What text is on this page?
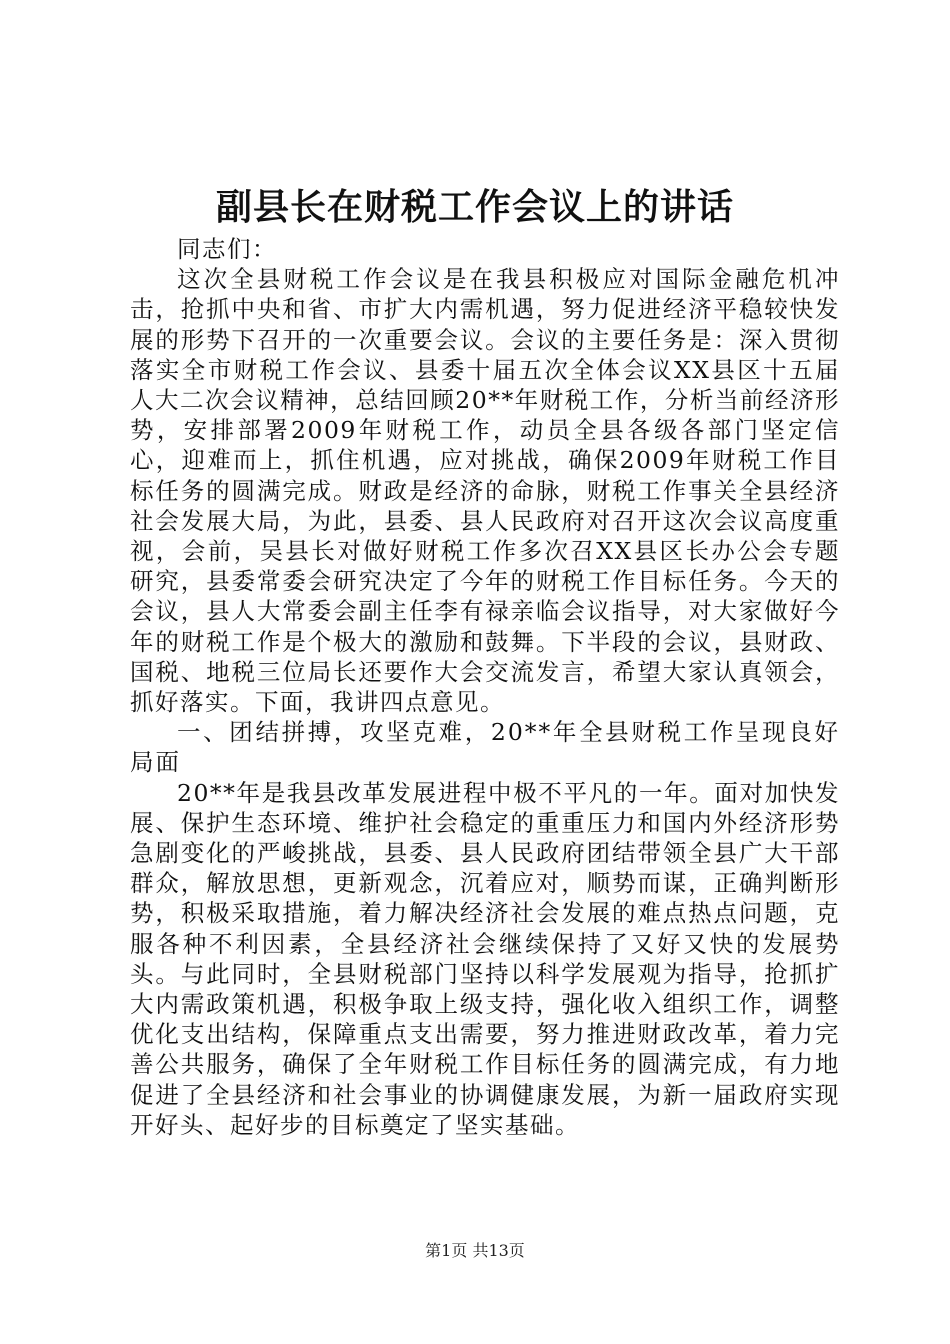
副县长在财税工作会议上的讲话

同志们：

这次全县财税工作会议是在我县积极应对国际金融危机冲击，抢抓中央和省、市扩大内需机遇，努力促进经济平稳较快发展的形势下召开的一次重要会议。会议的主要任务是：深入贯彻落实全市财税工作会议、县委十届五次全体会议XX县区十五届人大二次会议精神，总结回顾20**年财税工作，分析当前经济形势，安排部署2009年财税工作，动员全县各级各部门坚定信心，迎难而上，抓住机遇，应对挑战，确保2009年财税工作目标任务的圆满完成。财政是经济的命脉，财税工作事关全县经济社会发展大局，为此，县委、县人民政府对召开这次会议高度重视，会前，吴县长对做好财税工作多次召XX县区长办公会专题研究，县委常委会研究决定了今年的财税工作目标任务。今天的会议，县人大常委会副主任李有禄亲临会议指导，对大家做好今年的财税工作是个极大的激励和鼓舞。下半段的会议，县财政、国税、地税三位局长还要作大会交流发言，希望大家认真领会，抓好落实。下面，我讲四点意见。

一、团结拼搏，攻坚克难，20**年全县财税工作呈现良好局面

20**年是我县改革发展进程中极不平凡的一年。面对加快发展、保护生态环境、维护社会稳定的重重压力和国内外经济形势急剧变化的严峻挑战，县委、县人民政府团结带领全县广大干部群众，解放思想，更新观念，沉着应对，顺势而谋，正确判断形势，积极采取措施，着力解决经济社会发展的难点热点问题，克服各种不利因素，全县经济社会继续保持了又好又快的发展势头。与此同时，全县财税部门坚持以科学发展观为指导，抢抓扩大内需政策机遇，积极争取上级支持，强化收入组织工作，调整优化支出结构，保障重点支出需要，努力推进财政改革，着力完善公共服务，确保了全年财税工作目标任务的圆满完成，有力地促进了全县经济和社会事业的协调健康发展，为新一届政府实现开好头、起好步的目标奠定了坚实基础。

第1页 共13页
